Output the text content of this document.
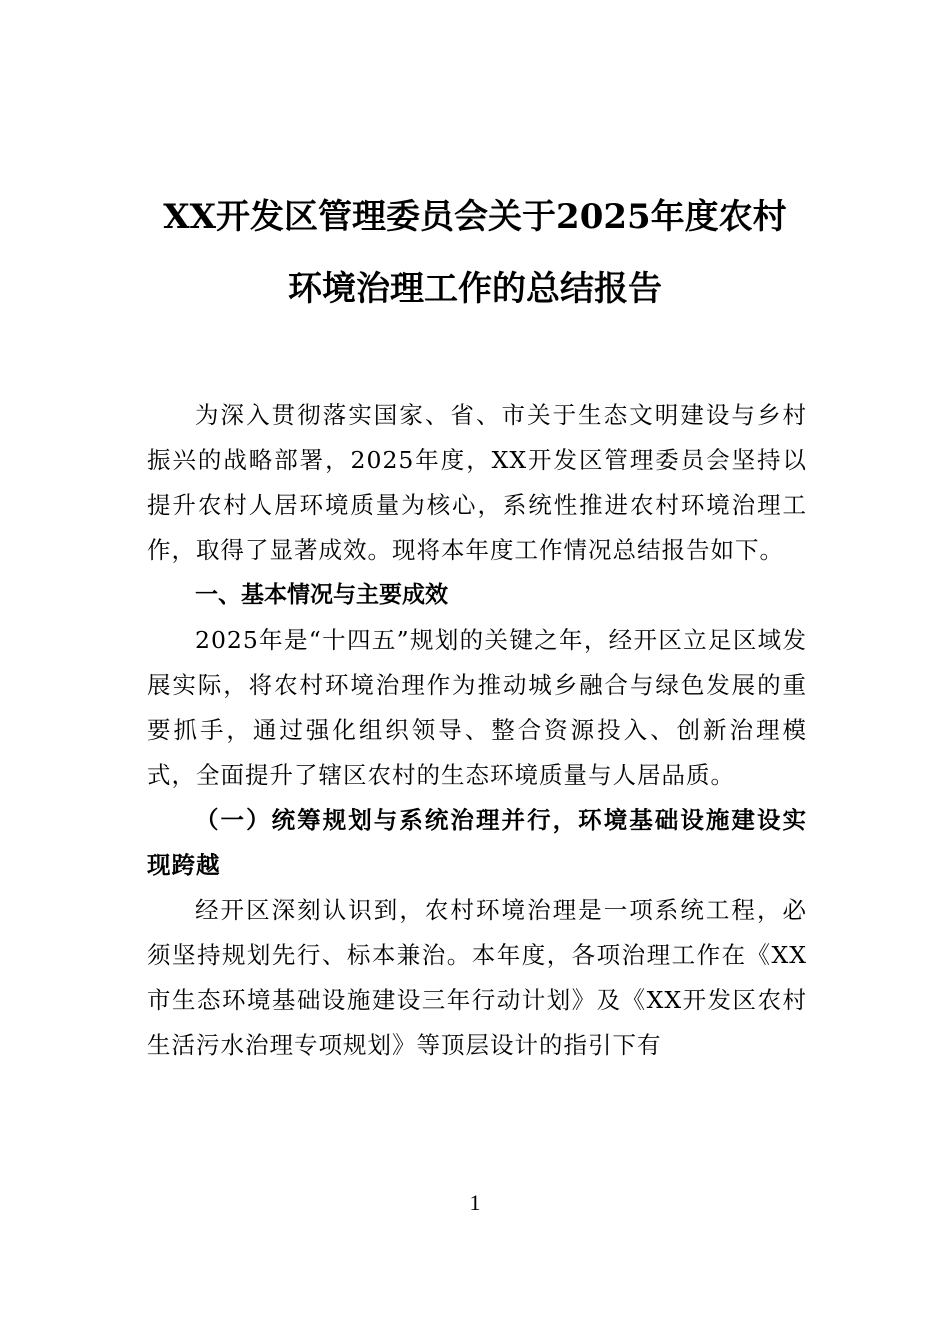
XX开发区管理委员会关于2025年度农村
环境治理工作的总结报告

为深入贯彻落实国家、省、市关于生态文明建设与乡村振兴的战略部署，2025年度，XX开发区管理委员会坚持以提升农村人居环境质量为核心，系统性推进农村环境治理工作，取得了显著成效。现将本年度工作情况总结报告如下。

一、基本情况与主要成效

2025年是“十四五”规划的关键之年，经开区立足区域发展实际，将农村环境治理作为推动城乡融合与绿色发展的重要抓手，通过强化组织领导、整合资源投入、创新治理模式，全面提升了辖区农村的生态环境质量与人居品质。

（一）统筹规划与系统治理并行，环境基础设施建设实现跨越

经开区深刻认识到，农村环境治理是一项系统工程，必须坚持规划先行、标本兼治。本年度，各项治理工作在《XX市生态环境基础设施建设三年行动计划》及《XX开发区农村生活污水治理专项规划》等顶层设计的指引下有

1
